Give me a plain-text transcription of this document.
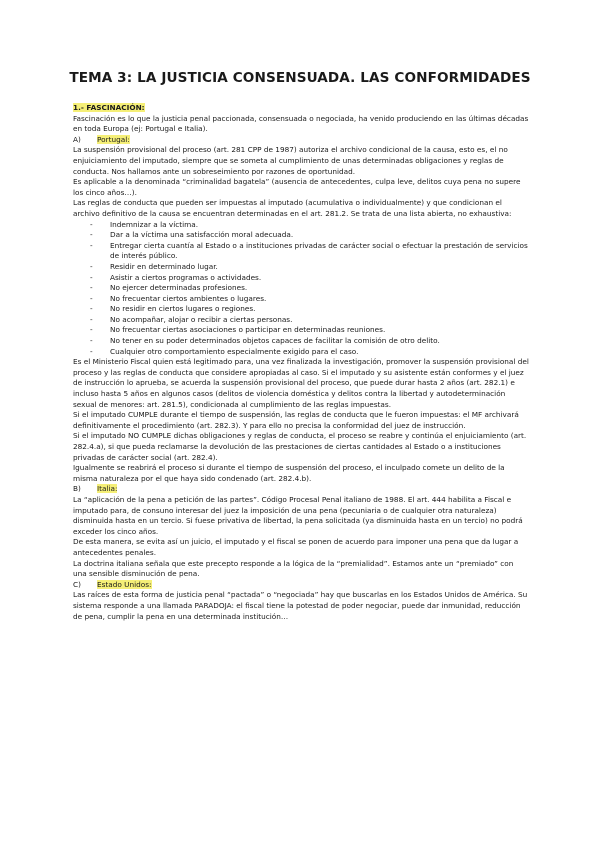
TEMA 3: LA JUSTICIA CONSENSUADA. LAS CONFORMIDADES

1.- FASCINACIÓN:

Fascinación es lo que la justicia penal paccionada, consensuada o negociada, ha venido produciendo en las últimas décadas en toda Europa (ej: Portugal e Italia).

A) Portugal:

La suspensión provisional del proceso (art. 281 CPP de 1987) autoriza el archivo condicional de la causa, esto es, el no enjuiciamiento del imputado, siempre que se someta al cumplimiento de unas determinadas obligaciones y reglas de conducta. Nos hallamos ante un sobreseimiento por razones de oportunidad.

Es aplicable a la denominada “criminalidad bagatela” (ausencia de antecedentes, culpa leve, delitos cuya pena no supere los cinco años…).

Las reglas de conducta que pueden ser impuestas al imputado (acumulativa o individualmente) y que condicionan el archivo definitivo de la causa se encuentran determinadas en el art. 281.2. Se trata de una lista abierta, no exhaustiva:

- Indemnizar a la víctima.
- Dar a la víctima una satisfacción moral adecuada.
- Entregar cierta cuantía al Estado o a instituciones privadas de carácter social o efectuar la prestación de servicios de interés público.
- Residir en determinado lugar.
- Asistir a ciertos programas o actividades.
- No ejercer determinadas profesiones.
- No frecuentar ciertos ambientes o lugares.
- No residir en ciertos lugares o regiones.
- No acompañar, alojar o recibir a ciertas personas.
- No frecuentar ciertas asociaciones o participar en determinadas reuniones.
- No tener en su poder determinados objetos capaces de facilitar la comisión de otro delito.
- Cualquier otro comportamiento especialmente exigido para el caso.

Es el Ministerio Fiscal quien está legitimado para, una vez finalizada la investigación, promover la suspensión provisional del proceso y las reglas de conducta que considere apropiadas al caso. Si el imputado y su asistente están conformes y el juez de instrucción lo aprueba, se acuerda la suspensión provisional del proceso, que puede durar hasta 2 años (art. 282.1) e incluso hasta 5 años en algunos casos (delitos de violencia doméstica y delitos contra la libertad y autodeterminación sexual de menores: art. 281.5), condicionada al cumplimiento de las reglas impuestas.

Si el imputado CUMPLE durante el tiempo de suspensión, las reglas de conducta que le fueron impuestas: el MF archivará definitivamente el procedimiento (art. 282.3). Y para ello no precisa la conformidad del juez de instrucción.

Si el imputado NO CUMPLE dichas obligaciones y reglas de conducta, el proceso se reabre y continúa el enjuiciamiento (art. 282.4.a), si que pueda reclamarse la devolución de las prestaciones de ciertas cantidades al Estado o a instituciones privadas de carácter social (art. 282.4).

Igualmente se reabrirá el proceso si durante el tiempo de suspensión del proceso, el inculpado comete un delito de la misma naturaleza por el que haya sido condenado (art. 282.4.b).

B) Italia:

La “aplicación de la pena a petición de las partes”. Código Procesal Penal italiano de 1988. El art. 444 habilita a Fiscal e imputado para, de consuno interesar del juez la imposición de una pena (pecuniaria o de cualquier otra naturaleza) disminuida hasta en un tercio. Si fuese privativa de libertad, la pena solicitada (ya disminuida hasta en un tercio) no podrá exceder los cinco años.

De esta manera, se evita así un juicio, el imputado y el fiscal se ponen de acuerdo para imponer una pena que da lugar a antecedentes penales.

La doctrina italiana señala que este precepto responde a la lógica de la “premialidad”. Estamos ante un “premiado” con una sensible disminución de pena.

C) Estado Unidos:

Las raíces de esta forma de justicia penal “pactada” o “negociada” hay que buscarlas en los Estados Unidos de América. Su sistema responde a una llamada PARADOJA: el fiscal tiene la potestad de poder negociar, puede dar inmunidad, reducción de pena, cumplir la pena en una determinada institución…
